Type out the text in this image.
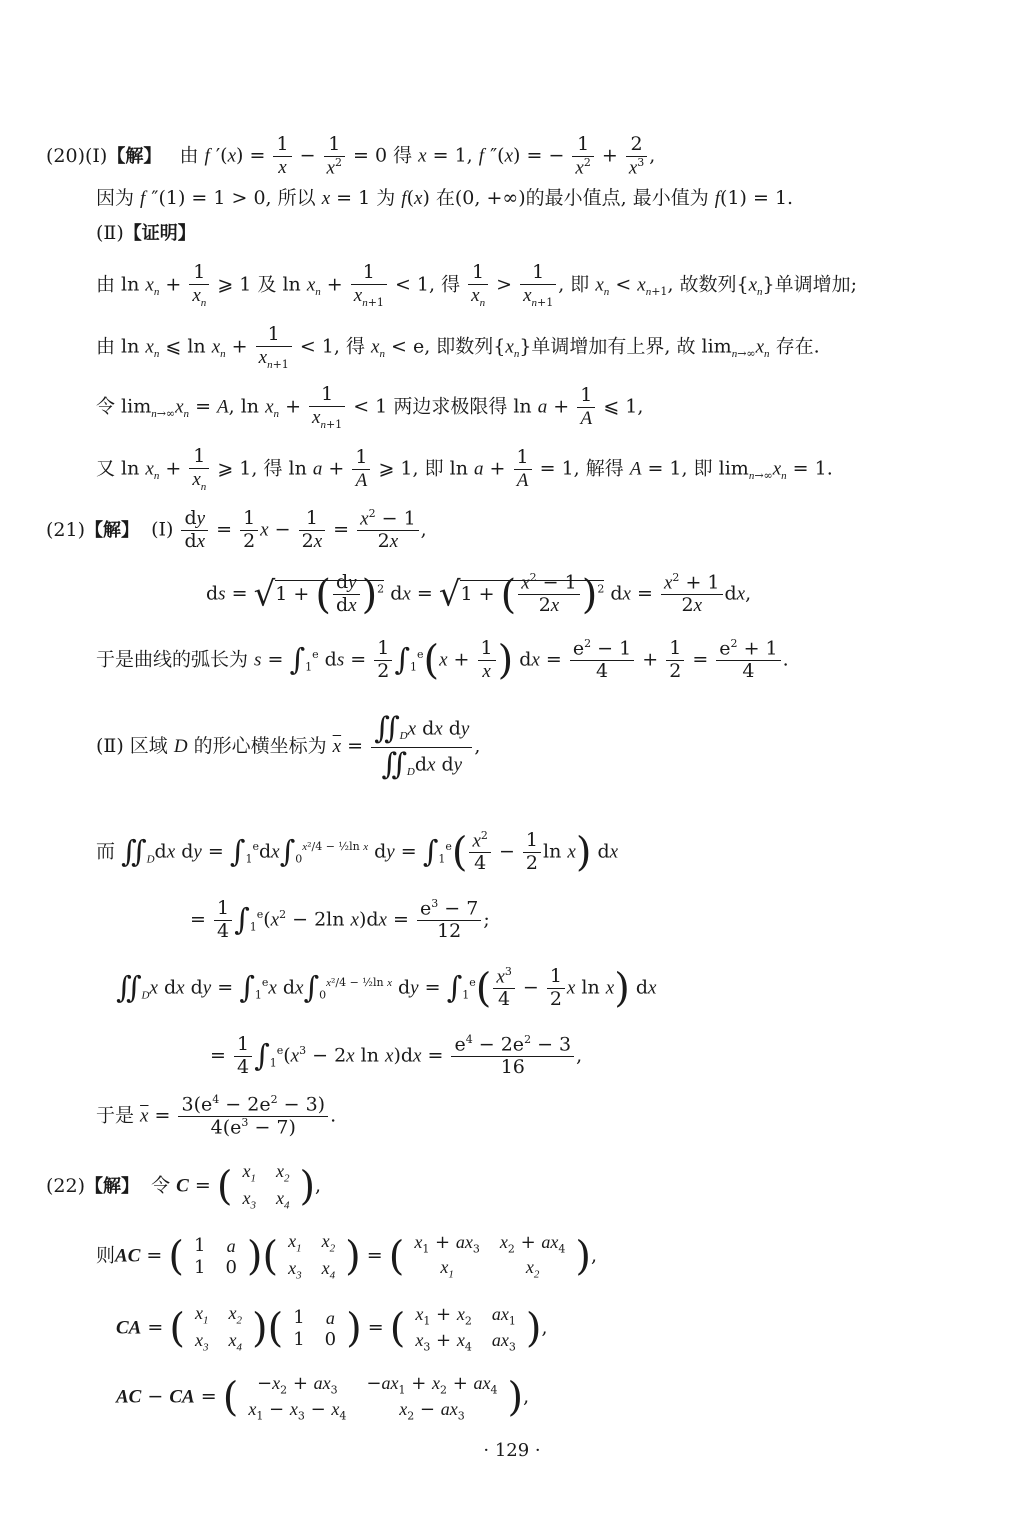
(20)(Ⅰ)【解】   由 f $'(x) = \frac{1}{x} - \frac{1}{x^2} = 0$ 得 x = 1, f ″(x) = − $\frac{1}{x^2} + \frac{2}{x^3}$ ,
因为 f ″(1) = 1 > 0, 所以 x = 1 为 f(x) 在(0, +∞)的最小值点, 最小值为 f(1) = 1.
(Ⅱ)【证明】
由 $\ln x_n + \frac{1}{x_n}$ ⩾ 1 及 $\ln x_n + \frac{1}{x_{n+1}} < 1$, 得 $\frac{1}{x_n} > \frac{1}{x_{n+1}}$ , 即 $x_n < x_{n+1}$, 故数列$\{x_n\}$单调增加;
由 $\ln x_n$ ⩽ $\ln x_n + \frac{1}{x_{n+1}} < 1$, 得 $x_n < e$, 即数列$\{x_n\}$单调增加有上界, 故 $\lim_{n\to\infty}x_n$ 存在.
令 $\lim_{n\to\infty}x_n = A$, $\ln x_n + \frac{1}{x_{n+1}} < 1$ 两边求极限得 $\ln a + \frac{1}{A}$ ⩽ 1,
又 $\ln x_n + \frac{1}{x_n}$ ⩾ 1, 得 $\ln a + \frac{1}{A}$ ⩾ 1, 即 $\ln a + \frac{1}{A} = 1$, 解得 A = 1, 即 $\lim_{n\to\infty}x_n = 1$.
(21)【解】  (Ⅰ) $\frac{dy}{dx} = \frac{1}{2}$ $x - \frac{1}{2x} = \frac{x^2 - 1}{2x}$ ,
ds = √1 + ( $\frac{dy}{dx} )^2$ dx = √1 + ( $\frac{x^2 - 1}{2x} )^2$ dx = $\frac{x^2 + 1}{2x}$ dx,
于是曲线的弧长为 $s = \int_1^e$ ds = $\frac{1}{2} \int_1^e(x + \frac{1}{x}$ ) dx = $\frac{e^2 - 1}{4} + \frac{1}{2} = \frac{e^2 + 1}{4}$ .
(Ⅱ) 区域 D 的形心横坐标为 $\overline{x} = \frac{∬_Dx dx dy}{∬_Ddx dy}$ ,
而 $∬_Ddx$ dy = $\int_1^edx\int_0^{x^2/4 - \frac{1}{2}ln x}$ dy = $\int_1^e( \frac{x^2}{4} - \frac{1}{2}$ ln x) dx
= $\frac{1}{4} \int_1^e(x^2 - 2\ln$ $x)dx = \frac{e^3 - 7}{12}$ ;
$∬_Dx$ dx dy = $\int_1^ex$ $dx\int_0^{x^2/4 - \frac{1}{2}ln x}$ dy = $\int_1^e( \frac{x^3}{4} - \frac{1}{2}$ x ln x) dx
= $\frac{1}{4} \int_1^e(x^3 - 2x$ $\ln x)dx = \frac{e^4 - 2e^2 - 3}{16}$ ,
于是 $\overline{x} = \frac{3(e^4 - 2e^2 - 3)}{4(e^3 - 7)}$ .
(22)【解】  令 C = ( $x_1$	$x_2$
$x_3$	$x_4$ ),
则AC = ( 1	a
1	0 )( $x_1$	$x_2$
$x_3$	$x_4$ ) = ( $x_1 + ax_3$	$x_2 + ax_4$
$x_1$	$x_2$ ),
CA = ( $x_1$	$x_2$
$x_3$	$x_4$ )( 1	a
1	0 ) = ( $x_1 + x_2$	$ax_1$
$x_3 + x_4$	$ax_3$ ),
AC − CA = ( $-x_2 + ax_3$	$-ax_1 + x_2 + ax_4$
$x_1 - x_3 - x_4$	$x_2 - ax_3$ ),
· 129 ·
